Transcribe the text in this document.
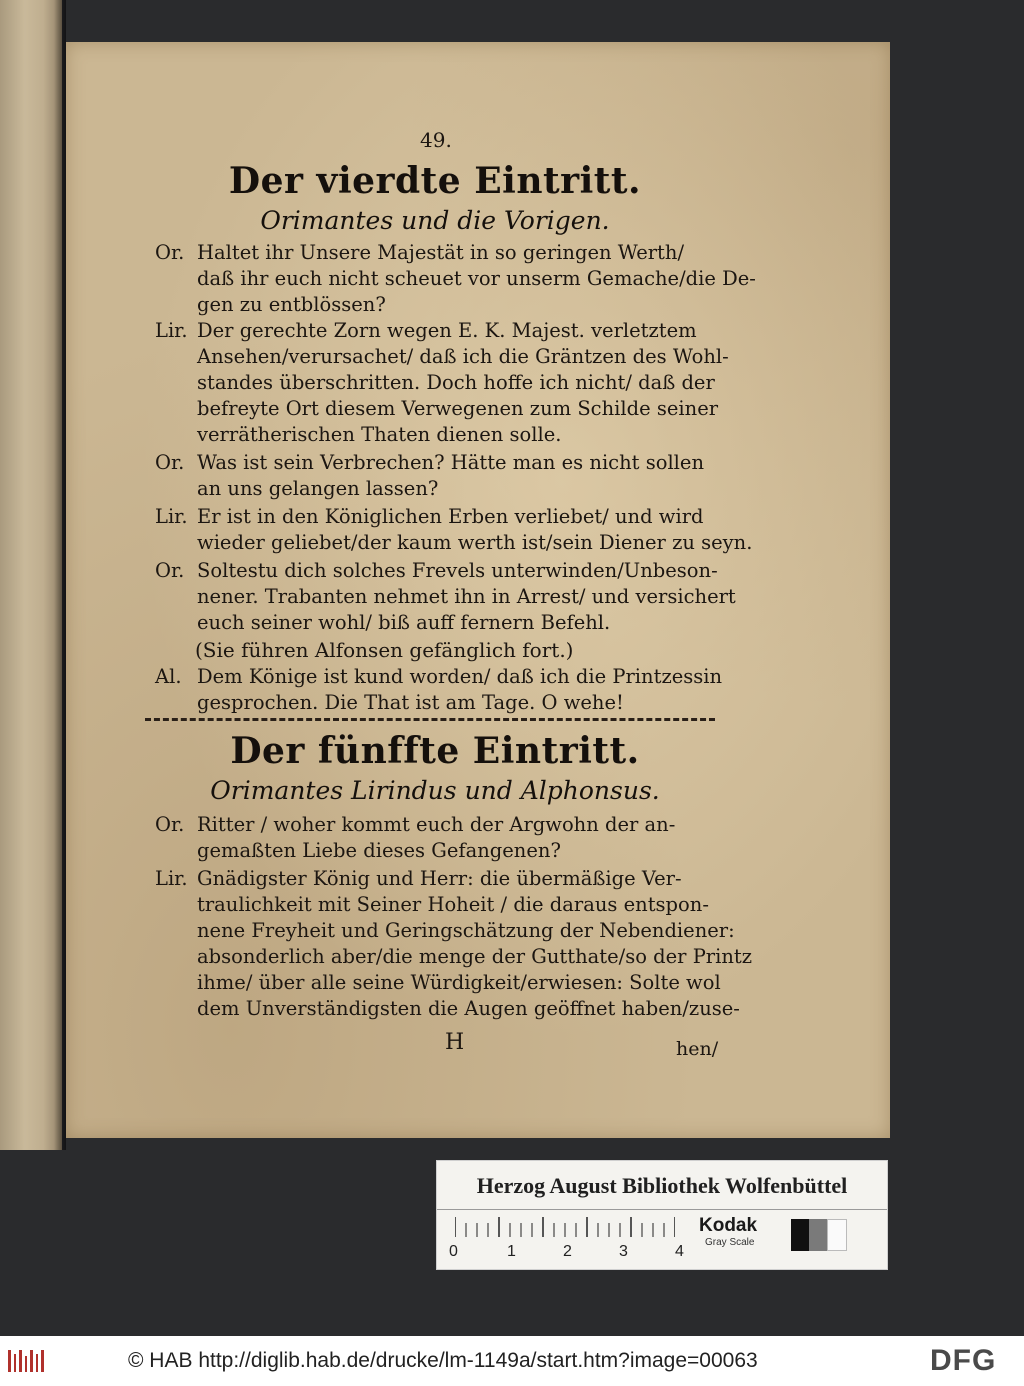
49.
Der vierdte Eintritt.
Orimantes und die Vorigen.
Or. Haltet ihr Unsere Majestät in so geringen Werth/
daß ihr euch nicht scheuet vor unserm Gemache/die De-
gen zu entblössen?
Lir. Der gerechte Zorn wegen E. K. Majest. verletztem
Ansehen/verursachet/ daß ich die Gräntzen des Wohl-
standes überschritten. Doch hoffe ich nicht/ daß der
befreyte Ort diesem Verwegenen zum Schilde seiner
verrätherischen Thaten dienen solle.
Or. Was ist sein Verbrechen? Hätte man es nicht sollen
an uns gelangen lassen?
Lir. Er ist in den Königlichen Erben verliebet/ und wird
wieder geliebet/der kaum werth ist/sein Diener zu seyn.
Or. Soltestu dich solches Frevels unterwinden/Unbeson-
nener. Trabanten nehmet ihn in Arrest/ und versichert
euch seiner wohl/ biß auff fernern Befehl.
(Sie führen Alfonsen gefänglich fort.)
Al. Dem Könige ist kund worden/ daß ich die Printzessin
gesprochen. Die That ist am Tage. O wehe!
Der fünffte Eintritt.
Orimantes Lirindus und Alphonsus.
Or. Ritter / woher kommt euch der Argwohn der an-
gemaßten Liebe dieses Gefangenen?
Lir. Gnädigster König und Herr: die übermäßige Ver-
traulichkeit mit Seiner Hoheit / die daraus entspon-
nene Freyheit und Geringschätzung der Nebendiener:
absonderlich aber/die menge der Gutthate/so der Printz
ihme/ über alle seine Würdigkeit/erwiesen: Solte wol
dem Unverständigsten die Augen geöffnet haben/zuse-
H	hen/
Herzog August Bibliothek Wolfenbüttel
0	1	2	3	4
Kodak
Gray Scale
© HAB http://diglib.hab.de/drucke/lm-1149a/start.htm?image=00063	DFG
